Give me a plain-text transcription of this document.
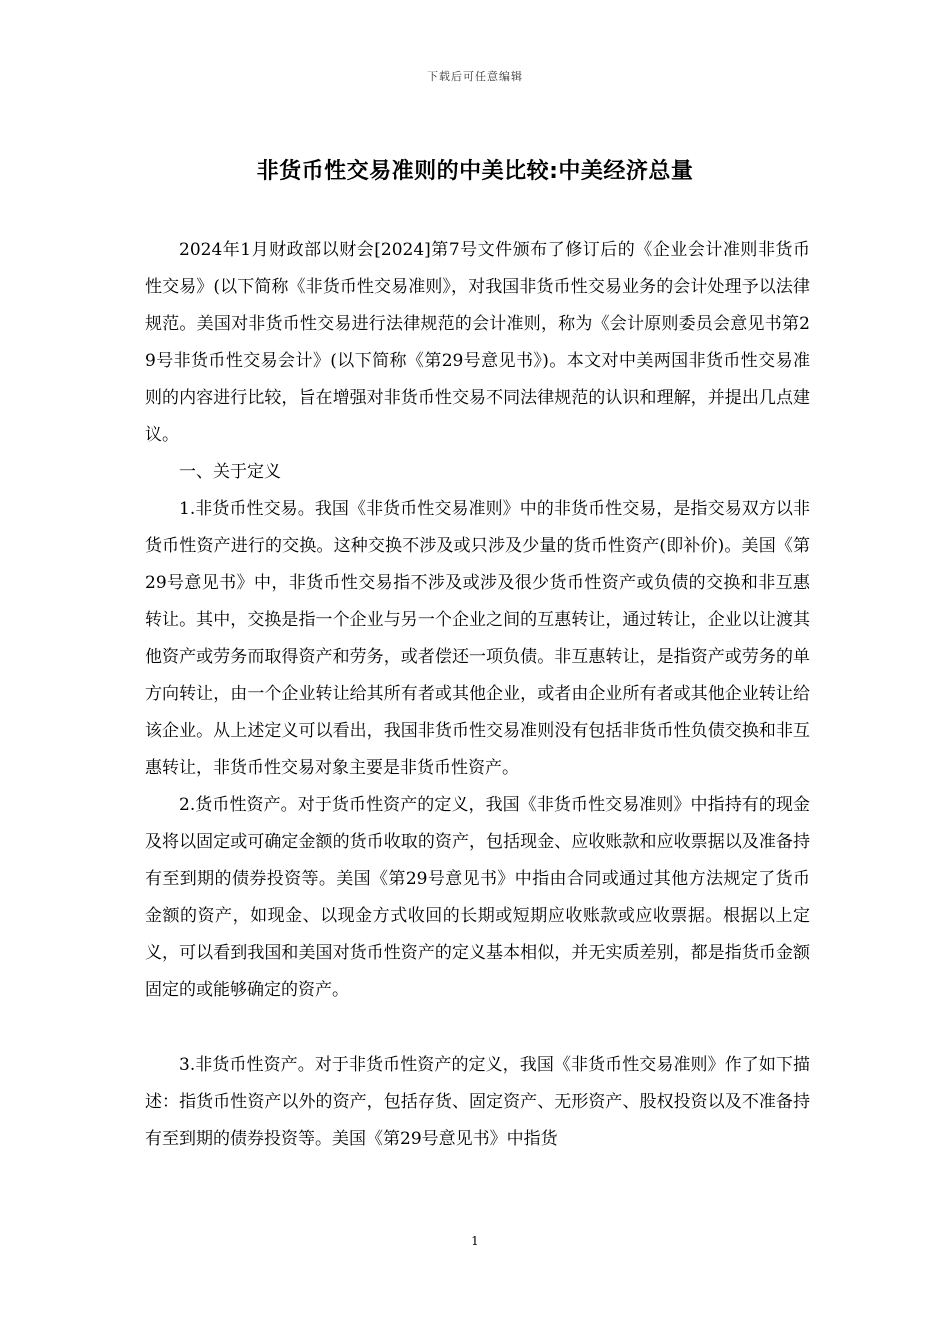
下载后可任意编辑
非货币性交易准则的中美比较:中美经济总量

2024年1月财政部以财会[2024]第7号文件颁布了修订后的《企业会计准则非货币性交易》(以下简称《非货币性交易准则》，对我国非货币性交易业务的会计处理予以法律规范。美国对非货币性交易进行法律规范的会计准则，称为《会计原则委员会意见书第29号非货币性交易会计》(以下简称《第29号意见书》)。本文对中美两国非货币性交易准则的内容进行比较，旨在增强对非货币性交易不同法律规范的认识和理解，并提出几点建议。

一、关于定义

1.非货币性交易。我国《非货币性交易准则》中的非货币性交易，是指交易双方以非货币性资产进行的交换。这种交换不涉及或只涉及少量的货币性资产(即补价)。美国《第29号意见书》中，非货币性交易指不涉及或涉及很少货币性资产或负债的交换和非互惠转让。其中，交换是指一个企业与另一个企业之间的互惠转让，通过转让，企业以让渡其他资产或劳务而取得资产和劳务，或者偿还一项负债。非互惠转让，是指资产或劳务的单方向转让，由一个企业转让给其所有者或其他企业，或者由企业所有者或其他企业转让给该企业。从上述定义可以看出，我国非货币性交易准则没有包括非货币性负债交换和非互惠转让，非货币性交易对象主要是非货币性资产。

2.货币性资产。对于货币性资产的定义，我国《非货币性交易准则》中指持有的现金及将以固定或可确定金额的货币收取的资产，包括现金、应收账款和应收票据以及准备持有至到期的债券投资等。美国《第29号意见书》中指由合同或通过其他方法规定了货币金额的资产，如现金、以现金方式收回的长期或短期应收账款或应收票据。根据以上定义，可以看到我国和美国对货币性资产的定义基本相似，并无实质差别，都是指货币金额固定的或能够确定的资产。

3.非货币性资产。对于非货币性资产的定义，我国《非货币性交易准则》作了如下描述：指货币性资产以外的资产，包括存货、固定资产、无形资产、股权投资以及不准备持有至到期的债券投资等。美国《第29号意见书》中指货

1
